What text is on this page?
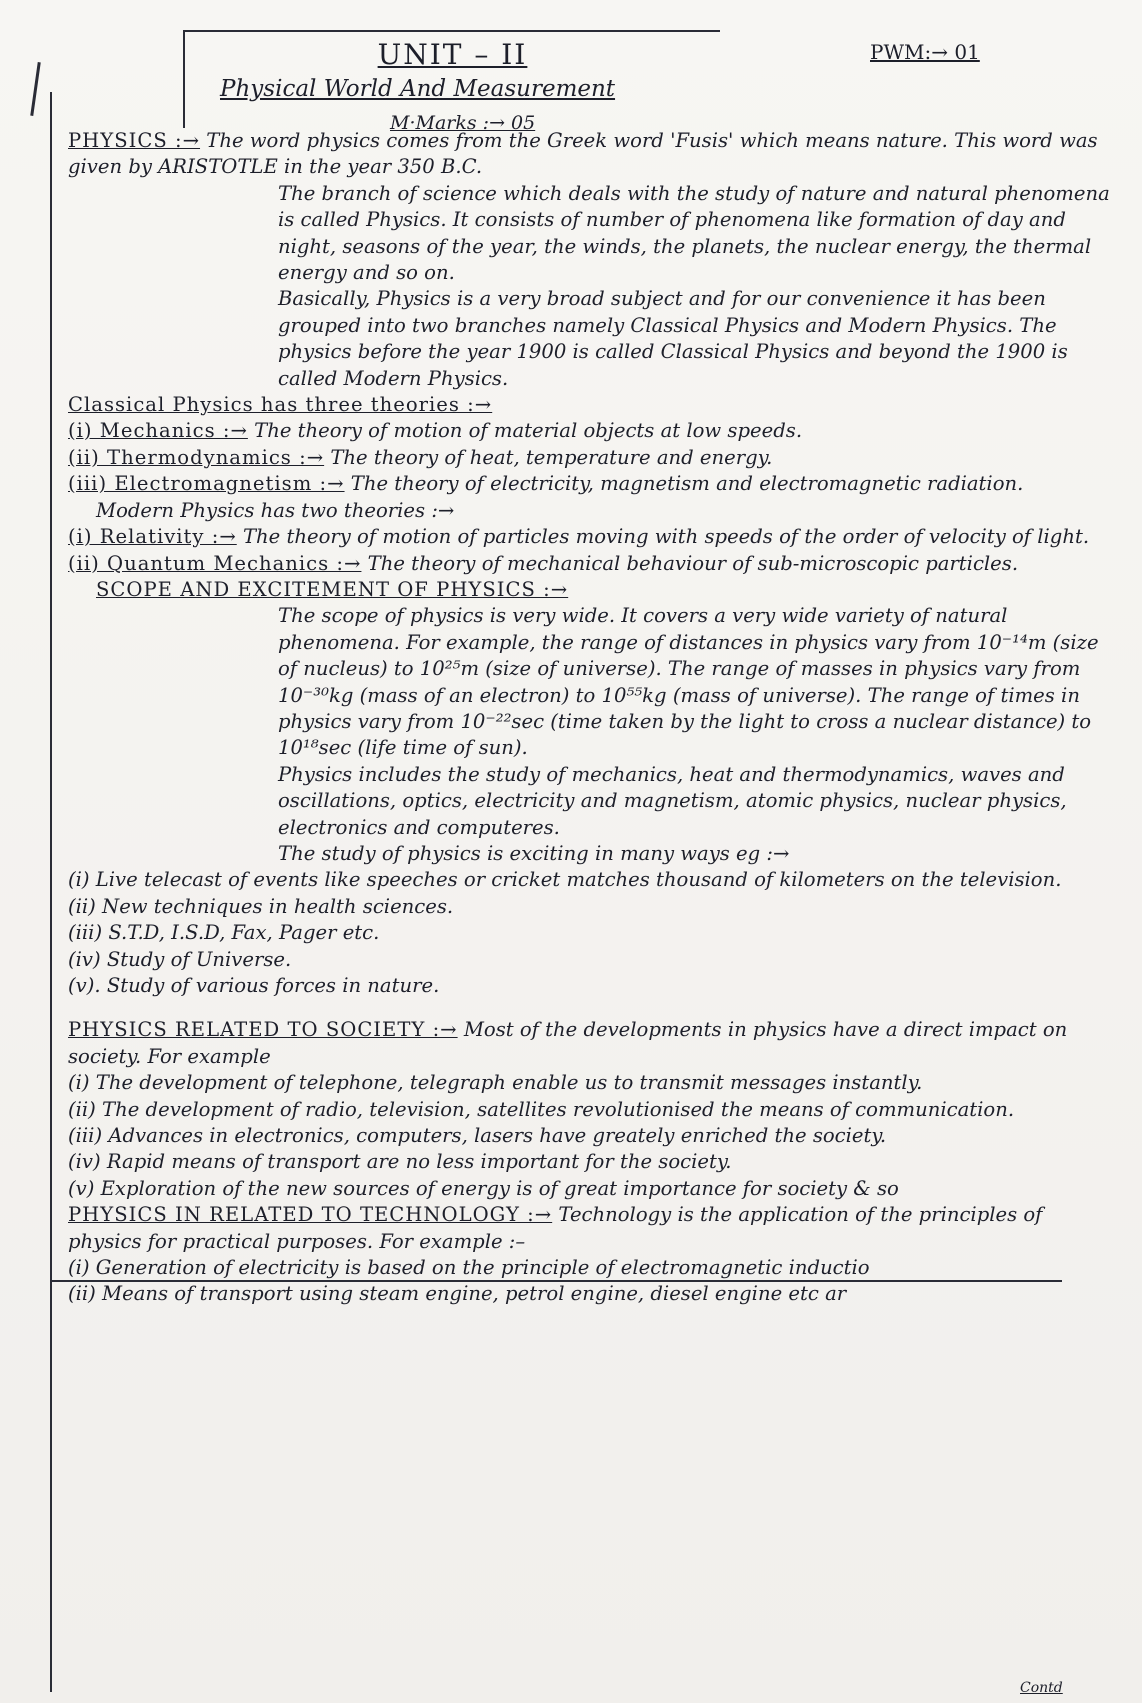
UNIT – II
Physical World And Measurement
M·Marks :→ 05
PWM:→ 01

PHYSICS :→ The word physics comes from the Greek word 'Fusis' which means nature. This word was given by ARISTOTLE in the year 350 B.C.

The branch of science which deals with the study of nature and natural phenomena is called Physics. It consists of number of phenomena like formation of day and night, seasons of the year, the winds, the planets, the nuclear energy, the thermal energy and so on.

Basically, Physics is a very broad subject and for our convenience it has been grouped into two branches namely Classical Physics and Modern Physics. The physics before the year 1900 is called Classical Physics and beyond the 1900 is called Modern Physics.

Classical Physics has three theories :→

(i) Mechanics :→ The theory of motion of material objects at low speeds.

(ii) Thermodynamics :→ The theory of heat, temperature and energy.

(iii) Electromagnetism :→ The theory of electricity, magnetism and electromagnetic radiation.

Modern Physics has two theories :→

(i) Relativity :→ The theory of motion of particles moving with speeds of the order of velocity of light.

(ii) Quantum Mechanics :→ The theory of mechanical behaviour of sub-microscopic particles.

SCOPE AND EXCITEMENT OF PHYSICS :→

The scope of physics is very wide. It covers a very wide variety of natural phenomena. For example, the range of distances in physics vary from 10⁻¹⁴m (size of nucleus) to 10²⁵m (size of universe). The range of masses in physics vary from 10⁻³⁰kg (mass of an electron) to 10⁵⁵kg (mass of universe). The range of times in physics vary from 10⁻²²sec (time taken by the light to cross a nuclear distance) to 10¹⁸sec (life time of sun).

Physics includes the study of mechanics, heat and thermodynamics, waves and oscillations, optics, electricity and magnetism, atomic physics, nuclear physics, electronics and computeres.

The study of physics is exciting in many ways eg :→

(i) Live telecast of events like speeches or cricket matches thousand of kilometers on the television.

(ii) New techniques in health sciences.

(iii) S.T.D, I.S.D, Fax, Pager etc.

(iv) Study of Universe.

(v). Study of various forces in nature.

PHYSICS RELATED TO SOCIETY :→ Most of the developments in physics have a direct impact on society. For example

(i) The development of telephone, telegraph enable us to transmit messages instantly.

(ii) The development of radio, television, satellites revolutionised the means of communication.

(iii) Advances in electronics, computers, lasers have greately enriched the society.

(iv) Rapid means of transport are no less important for the society.

(v) Exploration of the new sources of energy is of great importance for society & so

PHYSICS IN RELATED TO TECHNOLOGY :→ Technology is the application of the principles of physics for practical purposes. For example :–

(i) Generation of electricity is based on the principle of electromagnetic inductio

(ii) Means of transport using steam engine, petrol engine, diesel engine etc ar

Contd
